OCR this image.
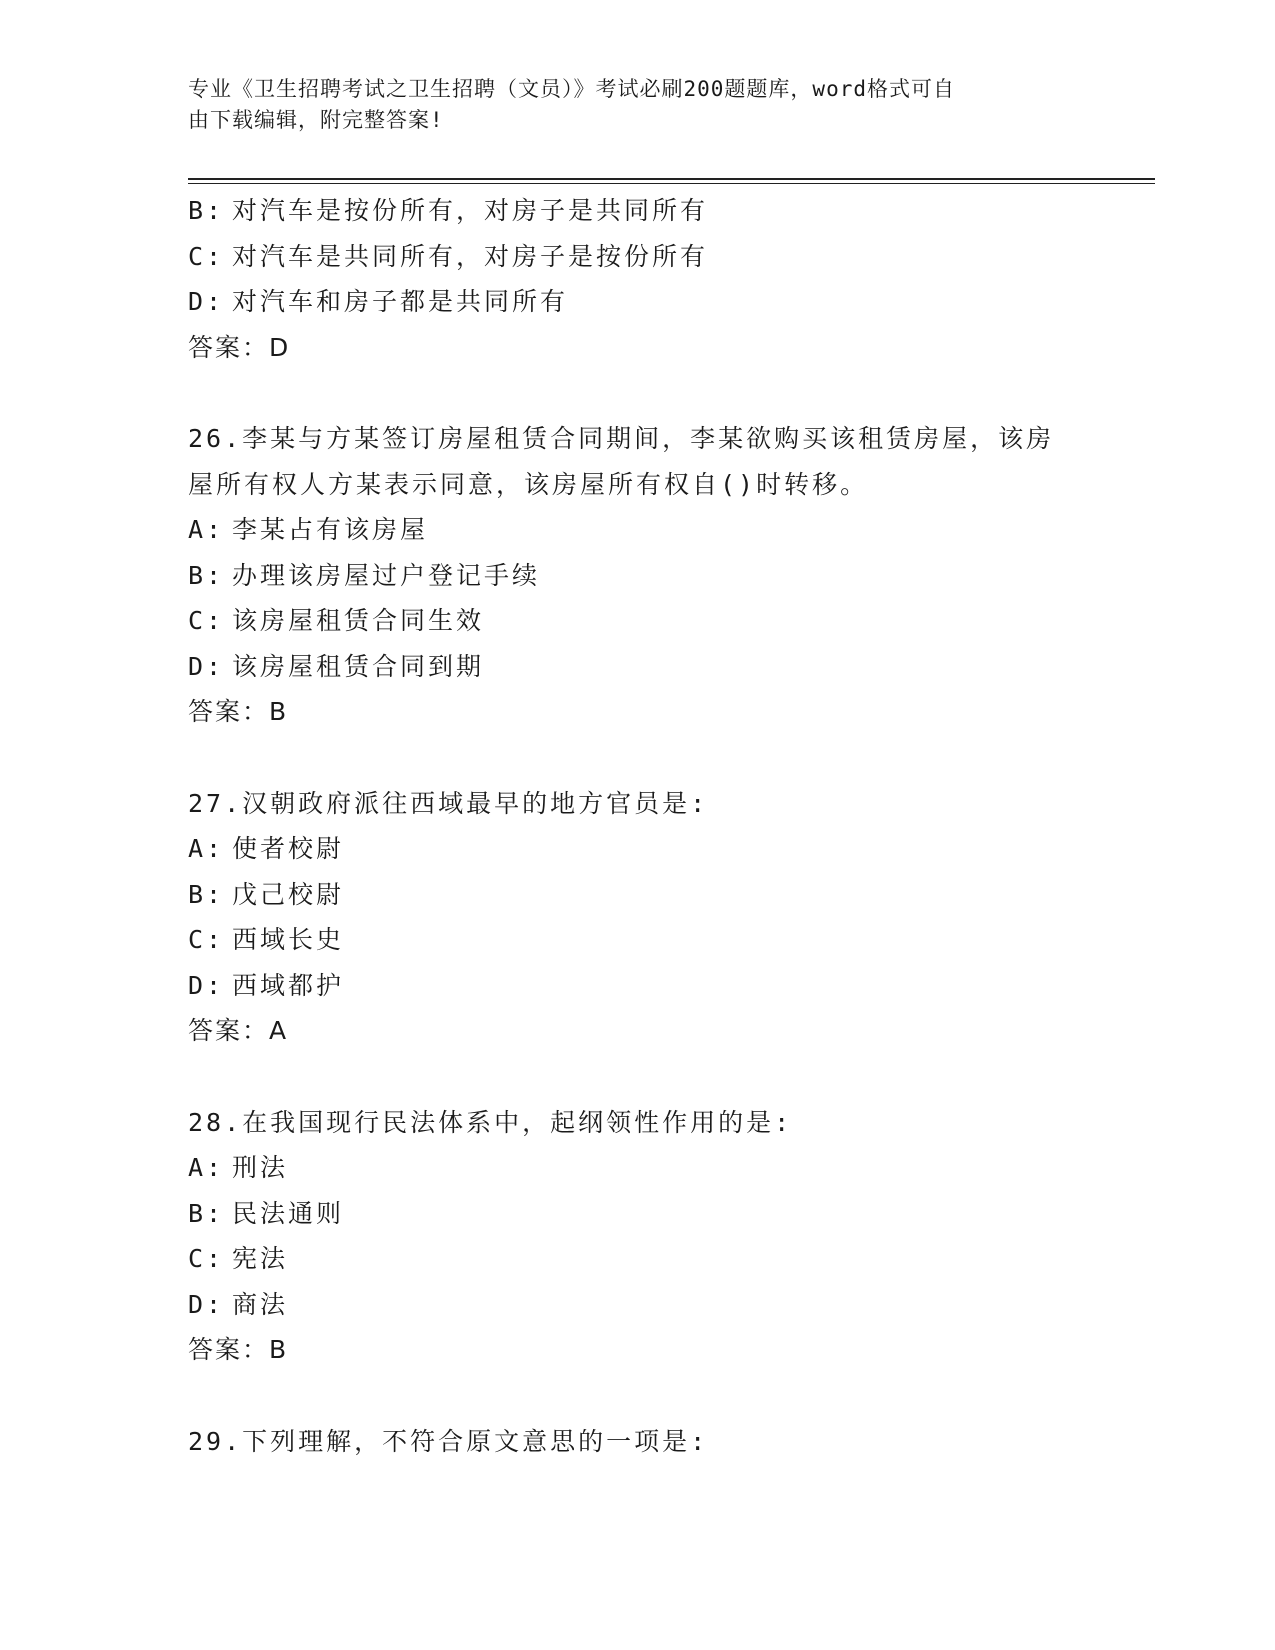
专业《卫生招聘考试之卫生招聘（文员）》考试必刷200题题库，word格式可自
由下载编辑，附完整答案!
B: 对汽车是按份所有，对房子是共同所有
C: 对汽车是共同所有，对房子是按份所有
D: 对汽车和房子都是共同所有
答案：D
26.李某与方某签订房屋租赁合同期间，李某欲购买该租赁房屋，该房
屋所有权人方某表示同意，该房屋所有权自()时转移。
A: 李某占有该房屋
B: 办理该房屋过户登记手续
C: 该房屋租赁合同生效
D: 该房屋租赁合同到期
答案：B
27.汉朝政府派往西域最早的地方官员是:
A: 使者校尉
B: 戊己校尉
C: 西域长史
D: 西域都护
答案：A
28.在我国现行民法体系中，起纲领性作用的是:
A: 刑法
B: 民法通则
C: 宪法
D: 商法
答案：B
29.下列理解，不符合原文意思的一项是:
